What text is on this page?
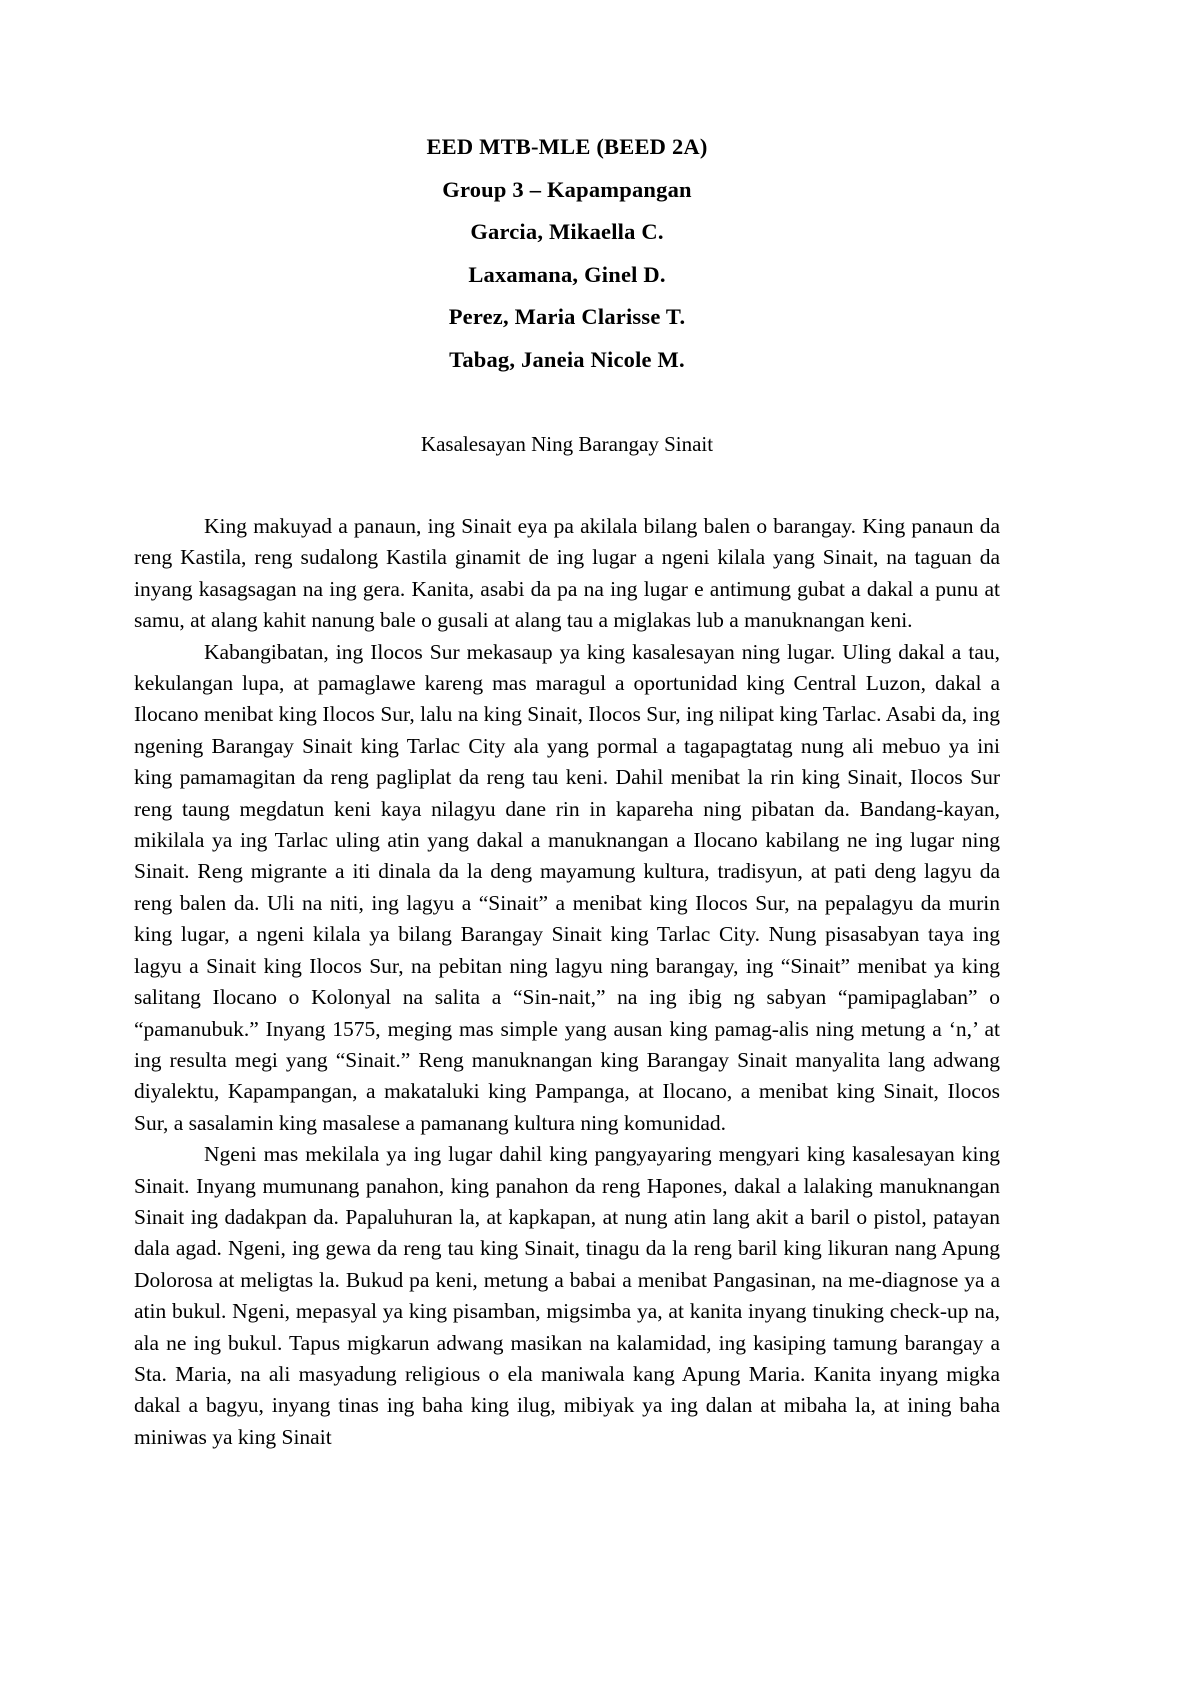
EED MTB-MLE (BEED 2A)
Group 3 – Kapampangan
Garcia, Mikaella C.
Laxamana, Ginel D.
Perez, Maria Clarisse T.
Tabag, Janeia Nicole M.
Kasalesayan Ning Barangay Sinait

King makuyad a panaun, ing Sinait eya pa akilala bilang balen o barangay. King panaun da reng Kastila, reng sudalong Kastila ginamit de ing lugar a ngeni kilala yang Sinait, na taguan da inyang kasagsagan na ing gera. Kanita, asabi da pa na ing lugar e antimung gubat a dakal a punu at samu, at alang kahit nanung bale o gusali at alang tau a miglakas lub a manuknangan keni.

Kabangibatan, ing Ilocos Sur mekasaup ya king kasalesayan ning lugar. Uling dakal a tau, kekulangan lupa, at pamaglawe kareng mas maragul a oportunidad king Central Luzon, dakal a Ilocano menibat king Ilocos Sur, lalu na king Sinait, Ilocos Sur, ing nilipat king Tarlac. Asabi da, ing ngening Barangay Sinait king Tarlac City ala yang pormal a tagapagtatag nung ali mebuo ya ini king pamamagitan da reng pagliplat da reng tau keni. Dahil menibat la rin king Sinait, Ilocos Sur reng taung megdatun keni kaya nilagyu dane rin in kapareha ning pibatan da. Bandang-kayan, mikilala ya ing Tarlac uling atin yang dakal a manuknangan a Ilocano kabilang ne ing lugar ning Sinait. Reng migrante a iti dinala da la deng mayamung kultura, tradisyun, at pati deng lagyu da reng balen da. Uli na niti, ing lagyu a “Sinait” a menibat king Ilocos Sur, na pepalagyu da murin king lugar, a ngeni kilala ya bilang Barangay Sinait king Tarlac City. Nung pisasabyan taya ing lagyu a Sinait king Ilocos Sur, na pebitan ning lagyu ning barangay, ing “Sinait” menibat ya king salitang Ilocano o Kolonyal na salita a “Sin-nait,” na ing ibig ng sabyan “pamipaglaban” o “pamanubuk.” Inyang 1575, meging mas simple yang ausan king pamag-alis ning metung a ‘n,’ at ing resulta megi yang “Sinait.” Reng manuknangan king Barangay Sinait manyalita lang adwang diyalektu, Kapampangan, a makataluki king Pampanga, at Ilocano, a menibat king Sinait, Ilocos Sur, a sasalamin king masalese a pamanang kultura ning komunidad.

Ngeni mas mekilala ya ing lugar dahil king pangyayaring mengyari king kasalesayan king Sinait. Inyang mumunang panahon, king panahon da reng Hapones, dakal a lalaking manuknangan Sinait ing dadakpan da. Papaluhuran la, at kapkapan, at nung atin lang akit a baril o pistol, patayan dala agad. Ngeni, ing gewa da reng tau king Sinait, tinagu da la reng baril king likuran nang Apung Dolorosa at meligtas la. Bukud pa keni, metung a babai a menibat Pangasinan, na me-diagnose ya a atin bukul. Ngeni, mepasyal ya king pisamban, migsimba ya, at kanita inyang tinuking check-up na, ala ne ing bukul. Tapus migkarun adwang masikan na kalamidad, ing kasiping tamung barangay a Sta. Maria, na ali masyadung religious o ela maniwala kang Apung Maria. Kanita inyang migka dakal a bagyu, inyang tinas ing baha king ilug, mibiyak ya ing dalan at mibaha la, at ining baha miniwas ya king Sinait
